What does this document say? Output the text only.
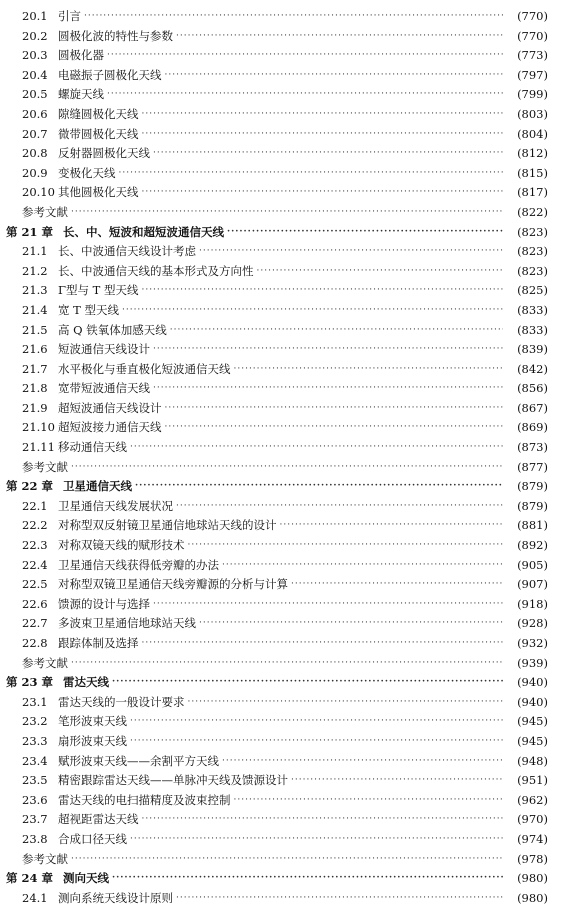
20.1 引言 ·····	(770)
20.2 圆极化波的特性与参数 ·····	(770)
20.3 圆极化器 ·····	(773)
20.4 电磁振子圆极化天线 ·····	(797)
20.5 螺旋天线 ·····	(799)
20.6 隙缝圆极化天线 ·····	(803)
20.7 微带圆极化天线 ·····	(804)
20.8 反射器圆极化天线 ·····	(812)
20.9 变极化天线 ·····	(815)
20.10 其他圆极化天线 ·····	(817)
参考文献 ·····	(822)
第 21 章 长、中、短波和超短波通信天线 ·····	(823)
21.1 长、中波通信天线设计考虑 ·····	(823)
21.2 长、中波通信天线的基本形式及方向性 ·····	(823)
21.3 Γ型与 T 型天线 ·····	(825)
21.4 宽 T 型天线 ·····	(833)
21.5 高 Q 铁氧体加感天线 ·····	(833)
21.6 短波通信天线设计 ·····	(839)
21.7 水平极化与垂直极化短波通信天线 ·····	(842)
21.8 宽带短波通信天线 ·····	(856)
21.9 超短波通信天线设计 ·····	(867)
21.10 超短波接力通信天线 ·····	(869)
21.11 移动通信天线 ·····	(873)
参考文献 ·····	(877)
第 22 章 卫星通信天线 ·····	(879)
22.1 卫星通信天线发展状况 ·····	(879)
22.2 对称型双反射镜卫星通信地球站天线的设计 ·····	(881)
22.3 对称双镜天线的赋形技术 ·····	(892)
22.4 卫星通信天线获得低旁瓣的办法 ·····	(905)
22.5 对称型双镜卫星通信天线旁瓣源的分析与计算 ·····	(907)
22.6 馈源的设计与选择 ·····	(918)
22.7 多波束卫星通信地球站天线 ·····	(928)
22.8 跟踪体制及选择 ·····	(932)
参考文献 ·····	(939)
第 23 章 雷达天线 ·····	(940)
23.1 雷达天线的一般设计要求 ·····	(940)
23.2 笔形波束天线 ·····	(945)
23.3 扇形波束天线 ·····	(945)
23.4 赋形波束天线——余割平方天线 ·····	(948)
23.5 精密跟踪雷达天线——单脉冲天线及馈源设计 ·····	(951)
23.6 雷达天线的电扫描精度及波束控制 ·····	(962)
23.7 超视距雷达天线 ·····	(970)
23.8 合成口径天线 ·····	(974)
参考文献 ·····	(978)
第 24 章 测向天线 ·····	(980)
24.1 测向系统天线设计原则 ·····	(980)
